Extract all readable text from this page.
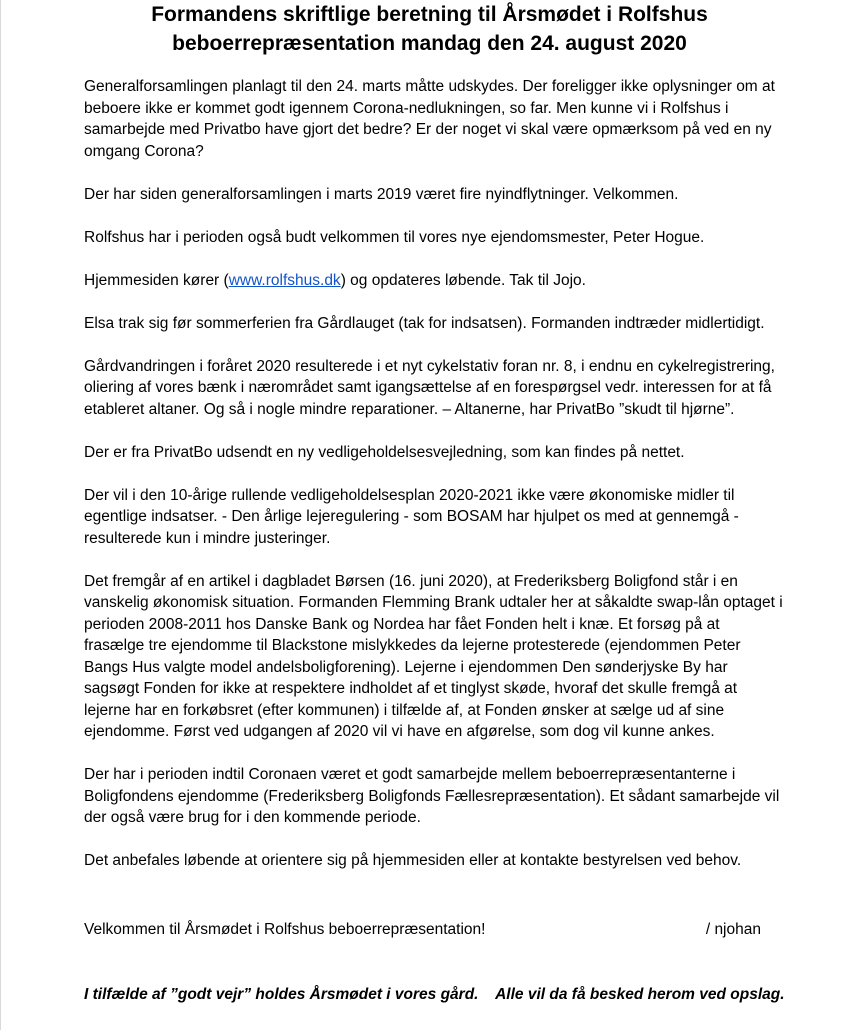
Formandens skriftlige beretning til Årsmødet i Rolfshus
beboerrepræsentation mandag den 24. august 2020

Generalforsamlingen planlagt til den 24. marts måtte udskydes. Der foreligger ikke oplysninger om at beboere ikke er kommet godt igennem Corona-nedlukningen, so far. Men kunne vi i Rolfshus i samarbejde med Privatbo have gjort det bedre? Er der noget vi skal være opmærksom på ved en ny omgang Corona?

Der har siden generalforsamlingen i marts 2019 været fire nyindflytninger. Velkommen.

Rolfshus har i perioden også budt velkommen til vores nye ejendomsmester, Peter Hogue.

Hjemmesiden kører (www.rolfshus.dk) og opdateres løbende. Tak til Jojo.

Elsa trak sig før sommerferien fra Gårdlauget (tak for indsatsen). Formanden indtræder midlertidigt.

Gårdvandringen i foråret 2020 resulterede i et nyt cykelstativ foran nr. 8, i endnu en cykelregistrering, oliering af vores bænk i nærområdet samt igangsættelse af en forespørgsel vedr. interessen for at få etableret altaner. Og så i nogle mindre reparationer. – Altanerne, har PrivatBo ”skudt til hjørne”.

Der er fra PrivatBo udsendt en ny vedligeholdelsesvejledning, som kan findes på nettet.

Der vil i den 10-årige rullende vedligeholdelsesplan 2020-2021 ikke være økonomiske midler til egentlige indsatser. - Den årlige lejeregulering - som BOSAM har hjulpet os med at gennemgå - resulterede kun i mindre justeringer.

Det fremgår af en artikel i dagbladet Børsen (16. juni 2020), at Frederiksberg Boligfond står i en vanskelig økonomisk situation. Formanden Flemming Brank udtaler her at såkaldte swap-lån optaget i perioden 2008-2011 hos Danske Bank og Nordea har fået Fonden helt i knæ. Et forsøg på at frasælge tre ejendomme til Blackstone mislykkedes da lejerne protesterede (ejendommen Peter Bangs Hus valgte model andelsboligforening). Lejerne i ejendommen Den sønderjyske By har sagsøgt Fonden for ikke at respektere indholdet af et tinglyst skøde, hvoraf det skulle fremgå at lejerne har en forkøbsret (efter kommunen) i tilfælde af, at Fonden ønsker at sælge ud af sine ejendomme. Først ved udgangen af 2020 vil vi have en afgørelse, som dog vil kunne ankes.

Der har i perioden indtil Coronaen været et godt samarbejde mellem beboerrepræsentanterne i Boligfondens ejendomme (Frederiksberg Boligfonds Fællesrepræsentation). Et sådant samarbejde vil der også være brug for i den kommende periode.

Det anbefales løbende at orientere sig på hjemmesiden eller at kontakte bestyrelsen ved behov.

Velkommen til Årsmødet i Rolfshus beboerrepræsentation!	/ njohan
I tilfælde af ”godt vejr” holdes Årsmødet i vores gård.    Alle vil da få besked herom ved opslag.
